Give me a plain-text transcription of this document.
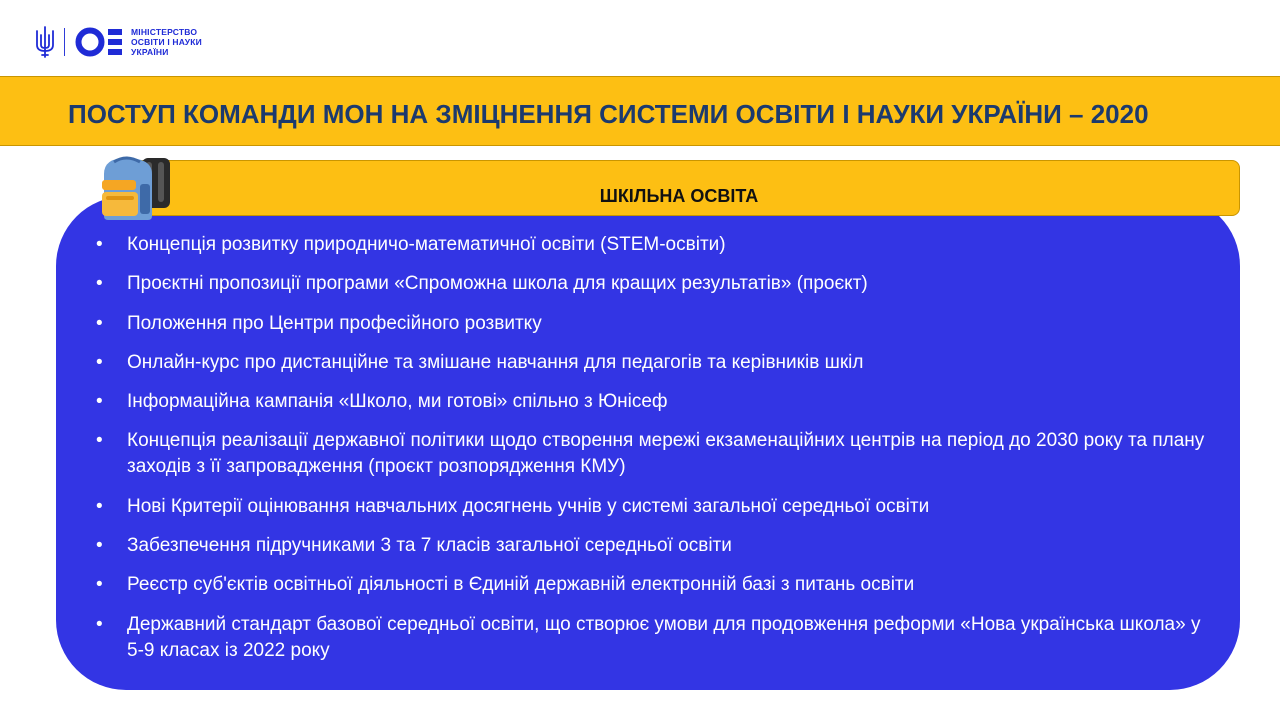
МІНІСТЕРСТВО
ОСВІТИ І НАУКИ
УКРАЇНИ
ПОСТУП КОМАНДИ МОН НА ЗМІЦНЕННЯ СИСТЕМИ ОСВІТИ І НАУКИ УКРАЇНИ – 2020
ШКІЛЬНА ОСВІТА
• Концепція розвитку природничо-математичної освіти (STEM-освіти)
• Проєктні пропозиції програми «Спроможна школа для кращих результатів» (проєкт)
• Положення про Центри професійного розвитку
• Онлайн-курс про дистанційне та змішане навчання для педагогів та керівників шкіл
• Інформаційна кампанія «Школо, ми готові» спільно з Юнісеф
• Концепція реалізації державної політики щодо створення мережі екзаменаційних центрів на період до 2030 року та плану заходів з її запровадження (проєкт розпорядження КМУ)
• Нові Критерії оцінювання навчальних досягнень учнів у системі загальної середньої освіти
• Забезпечення підручниками 3 та 7 класів загальної середньої освіти
• Реєстр суб'єктів освітньої діяльності в Єдиній державній електронній базі з питань освіти
• Державний стандарт базової середньої освіти, що створює умови для продовження реформи «Нова українська школа» у 5-9 класах із 2022 року
